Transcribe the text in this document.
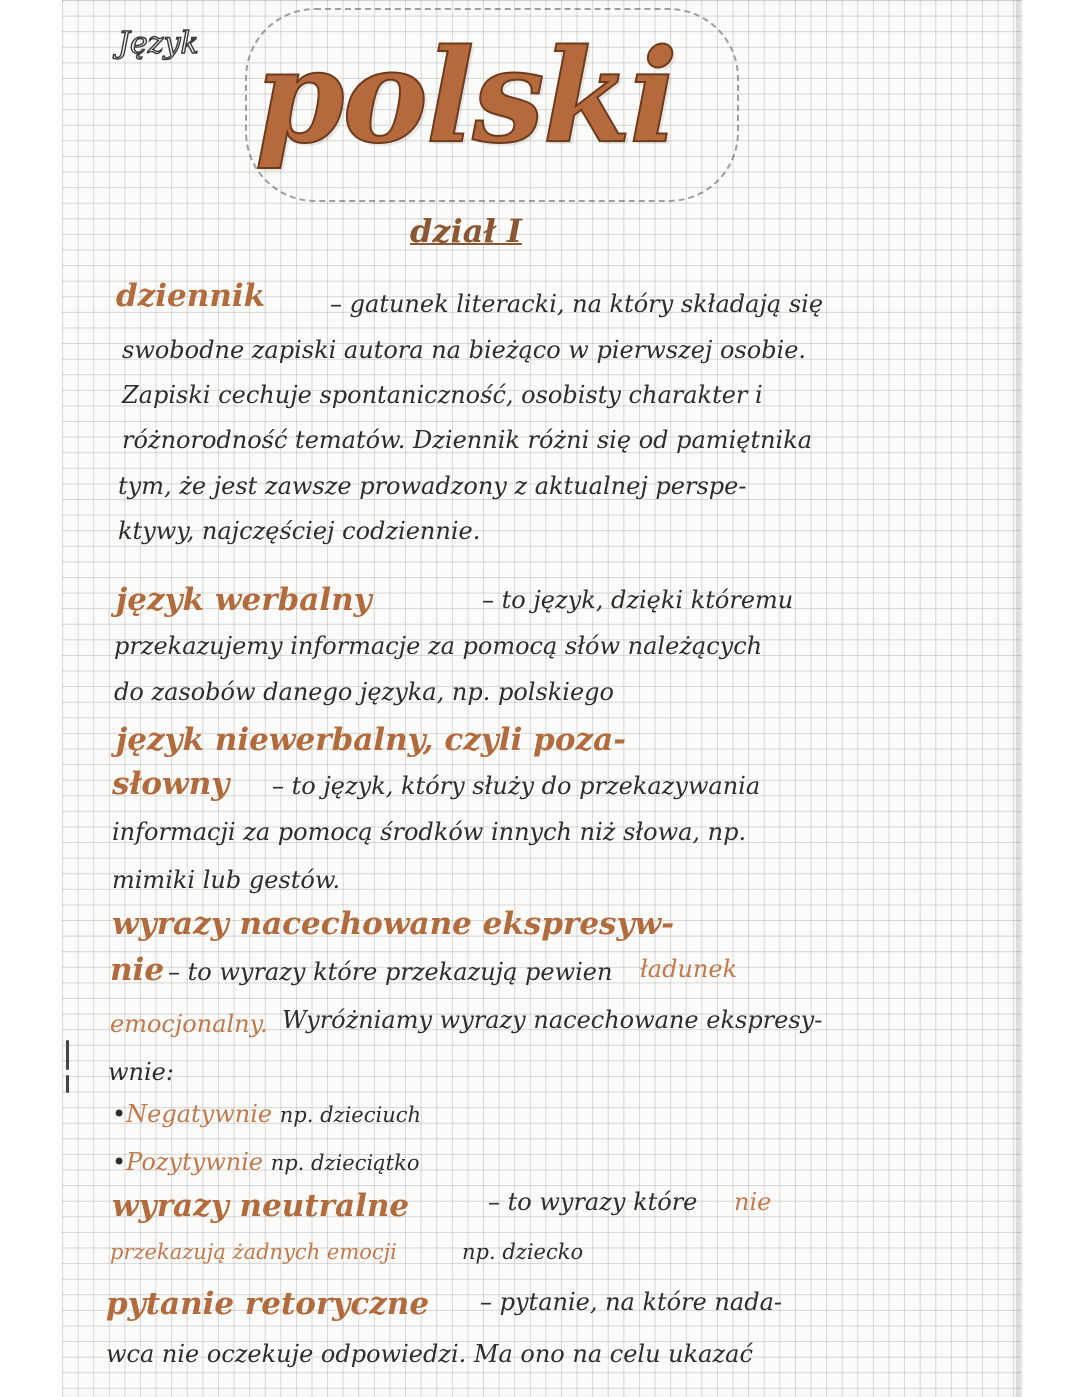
Język polski
dział I
dziennik	– gatunek literacki, na który składają się
swobodne zapiski autora na bieżąco w pierwszej osobie.
Zapiski cechuje spontaniczność, osobisty charakter i
różnorodność tematów. Dziennik różni się od pamiętnika
tym, że jest zawsze prowadzony z aktualnej perspe-
ktywy, najczęściej codziennie.
język werbalny	– to język, dzięki któremu
przekazujemy informacje za pomocą słów należących
do zasobów danego języka, np. polskiego
język niewerbalny, czyli poza-
słowny – to język, który służy do przekazywania
informacji za pomocą środków innych niż słowa, np.
mimiki lub gestów.
wyrazy nacechowane ekspresyw-
nie – to wyrazy które przekazują pewien ładunek
emocjonalny. Wyróżniamy wyrazy nacechowane ekspresy-
wnie:
•Negatywnie np. dzieciuch
•Pozytywnie np. dzieciątko
wyrazy neutralne	– to wyrazy które nie
przekazują żadnych emocji	np. dziecko
pytanie retoryczne – pytanie, na które nada-
wca nie oczekuje odpowiedzi. Ma ono na celu ukazać
